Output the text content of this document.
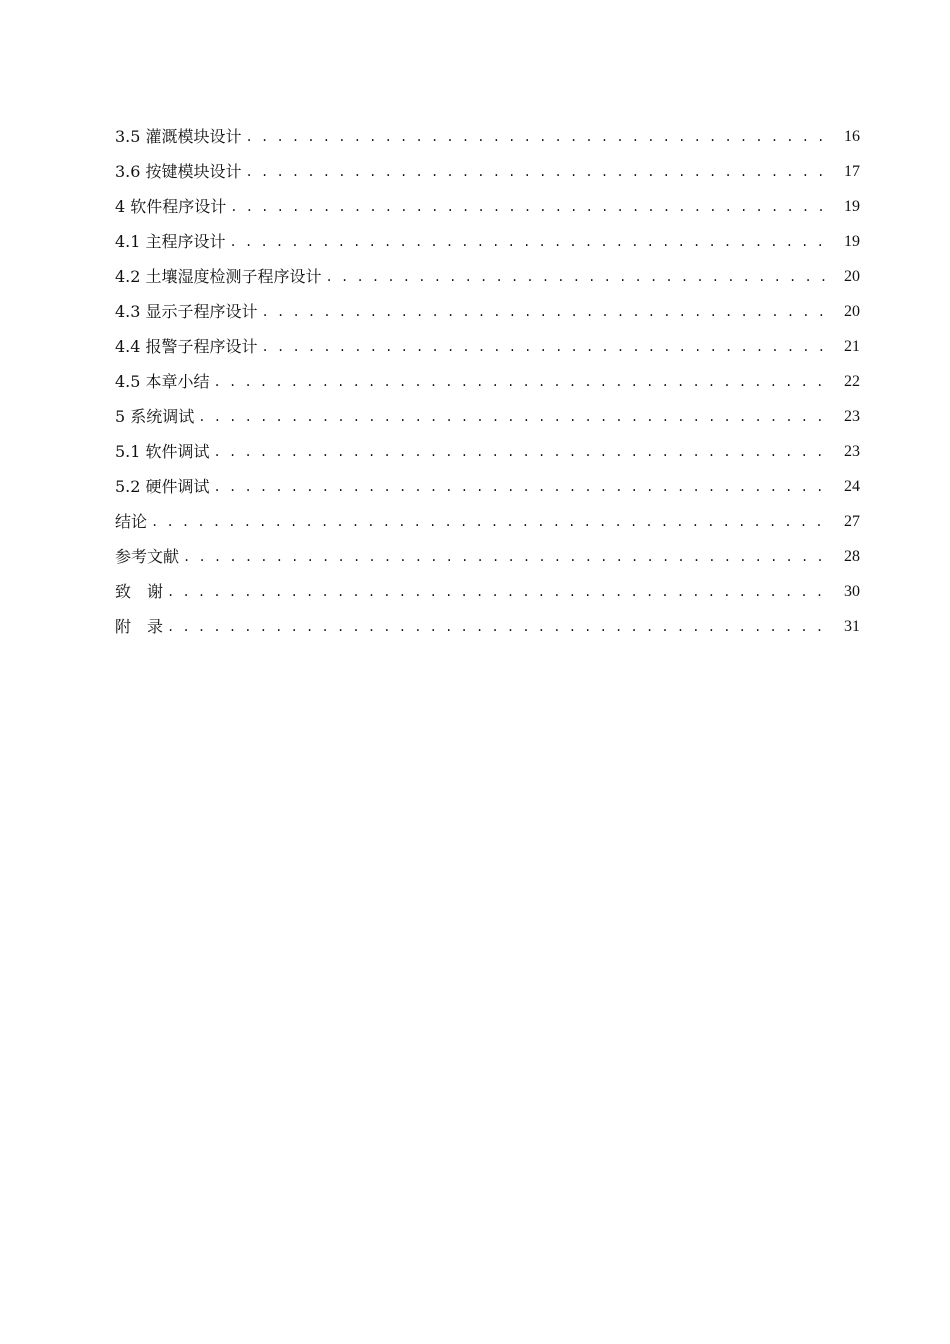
3.5 灌溉模块设计 . . .	16
3.6 按键模块设计 . . .	17
4 软件程序设计 . . .	19
4.1 主程序设计 . . .	19
4.2 土壤湿度检测子程序设计 . . .	20
4.3 显示子程序设计 . . .	20
4.4 报警子程序设计 . . .	21
4.5 本章小结 . . .	22
5 系统调试 . . .	23
5.1 软件调试 . . .	23
5.2 硬件调试 . . .	24
结论 . . .	27
参考文献 . . .	28
致　谢 . . .	30
附　录 . . .	31
